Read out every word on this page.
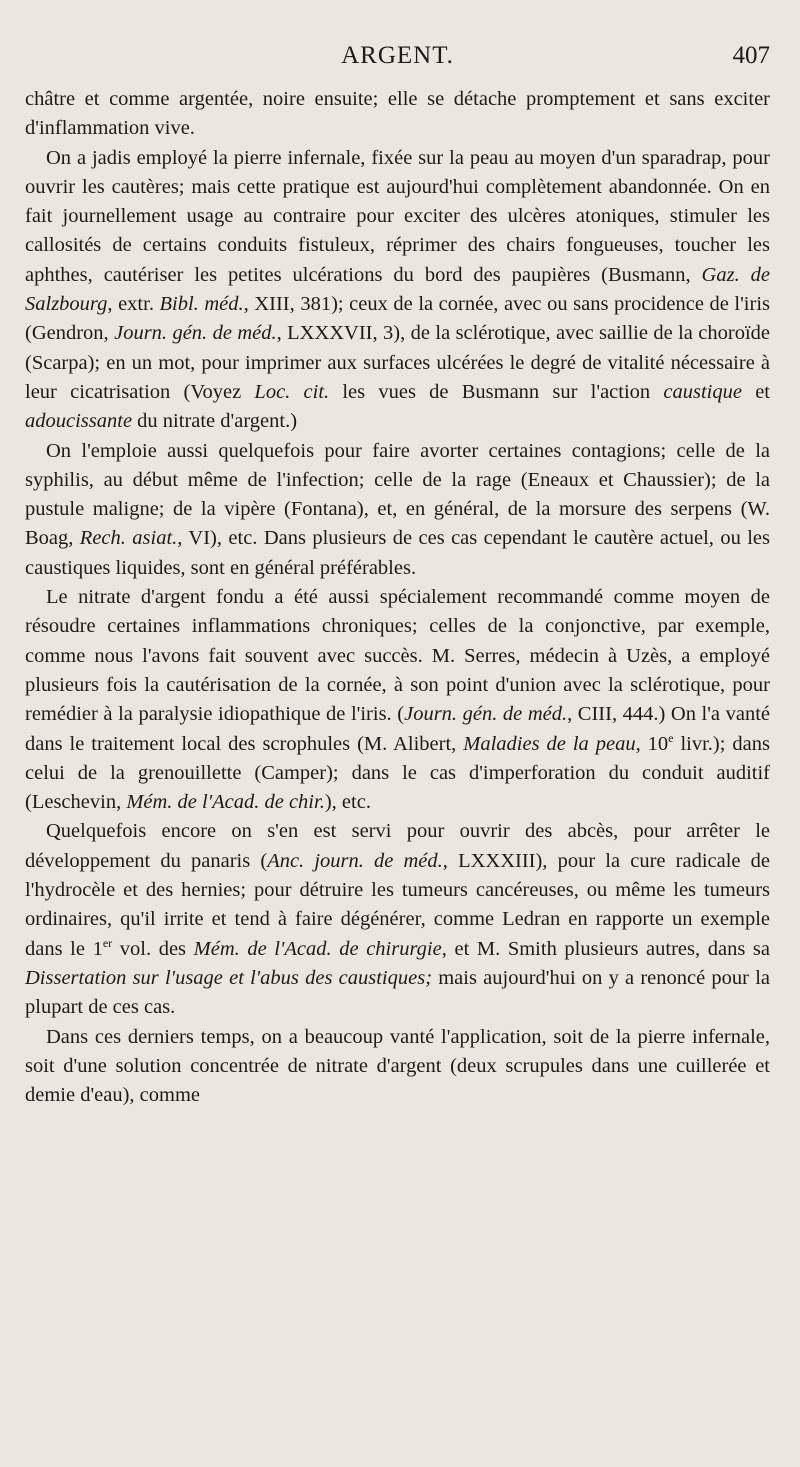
ARGENT.	407

châtre et comme argentée, noire ensuite; elle se détache promptement et sans exciter d'inflammation vive.

On a jadis employé la pierre infernale, fixée sur la peau au moyen d'un sparadrap, pour ouvrir les cautères; mais cette pratique est aujourd'hui complètement abandonnée. On en fait journellement usage au contraire pour exciter des ulcères atoniques, stimuler les callosités de certains conduits fistuleux, réprimer des chairs fongueuses, toucher les aphthes, cautériser les petites ulcérations du bord des paupières (Busmann, Gaz. de Salzbourg, extr. Bibl. méd., XIII, 381); ceux de la cornée, avec ou sans procidence de l'iris (Gendron, Journ. gén. de méd., LXXXVII, 3), de la sclérotique, avec saillie de la choroïde (Scarpa); en un mot, pour imprimer aux surfaces ulcérées le degré de vitalité nécessaire à leur cicatrisation (Voyez Loc. cit. les vues de Busmann sur l'action caustique et adoucissante du nitrate d'argent.)

On l'emploie aussi quelquefois pour faire avorter certaines contagions; celle de la syphilis, au début même de l'infection; celle de la rage (Eneaux et Chaussier); de la pustule maligne; de la vipère (Fontana), et, en général, de la morsure des serpens (W. Boag, Rech. asiat., VI), etc. Dans plusieurs de ces cas cependant le cautère actuel, ou les caustiques liquides, sont en général préférables.

Le nitrate d'argent fondu a été aussi spécialement recommandé comme moyen de résoudre certaines inflammations chroniques; celles de la conjonctive, par exemple, comme nous l'avons fait souvent avec succès. M. Serres, médecin à Uzès, a employé plusieurs fois la cautérisation de la cornée, à son point d'union avec la sclérotique, pour remédier à la paralysie idiopathique de l'iris. (Journ. gén. de méd., CIII, 444.) On l'a vanté dans le traitement local des scrophules (M. Alibert, Maladies de la peau, 10e livr.); dans celui de la grenouillette (Camper); dans le cas d'imperforation du conduit auditif (Leschevin, Mém. de l'Acad. de chir.), etc.

Quelquefois encore on s'en est servi pour ouvrir des abcès, pour arrêter le développement du panaris (Anc. journ. de méd., LXXXIII), pour la cure radicale de l'hydrocèle et des hernies; pour détruire les tumeurs cancéreuses, ou même les tumeurs ordinaires, qu'il irrite et tend à faire dégénérer, comme Ledran en rapporte un exemple dans le 1er vol. des Mém. de l'Acad. de chirurgie, et M. Smith plusieurs autres, dans sa Dissertation sur l'usage et l'abus des caustiques; mais aujourd'hui on y a renoncé pour la plupart de ces cas.

Dans ces derniers temps, on a beaucoup vanté l'application, soit de la pierre infernale, soit d'une solution concentrée de nitrate d'argent (deux scrupules dans une cuillerée et demie d'eau), comme
